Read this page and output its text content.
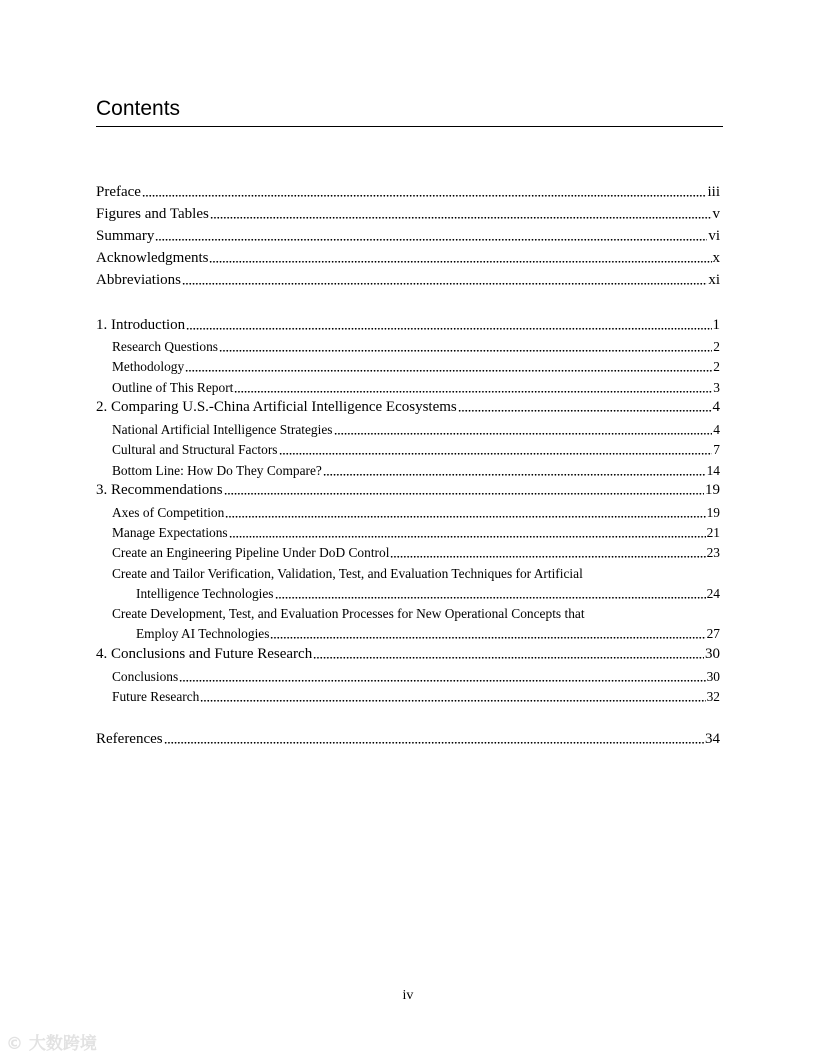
Contents
Preface	iii
Figures and Tables	v
Summary	vi
Acknowledgments	x
Abbreviations	xi
1. Introduction	1
Research Questions	2
Methodology	2
Outline of This Report	3
2. Comparing U.S.-China Artificial Intelligence Ecosystems	4
National Artificial Intelligence Strategies	4
Cultural and Structural Factors	7
Bottom Line: How Do They Compare?	14
3. Recommendations	19
Axes of Competition	19
Manage Expectations	21
Create an Engineering Pipeline Under DoD Control	23
Create and Tailor Verification, Validation, Test, and Evaluation Techniques for Artificial
Intelligence Technologies	24
Create Development, Test, and Evaluation Processes for New Operational Concepts that
Employ AI Technologies	27
4. Conclusions and Future Research	30
Conclusions	30
Future Research	32
References	34
iv
© 大数跨境
